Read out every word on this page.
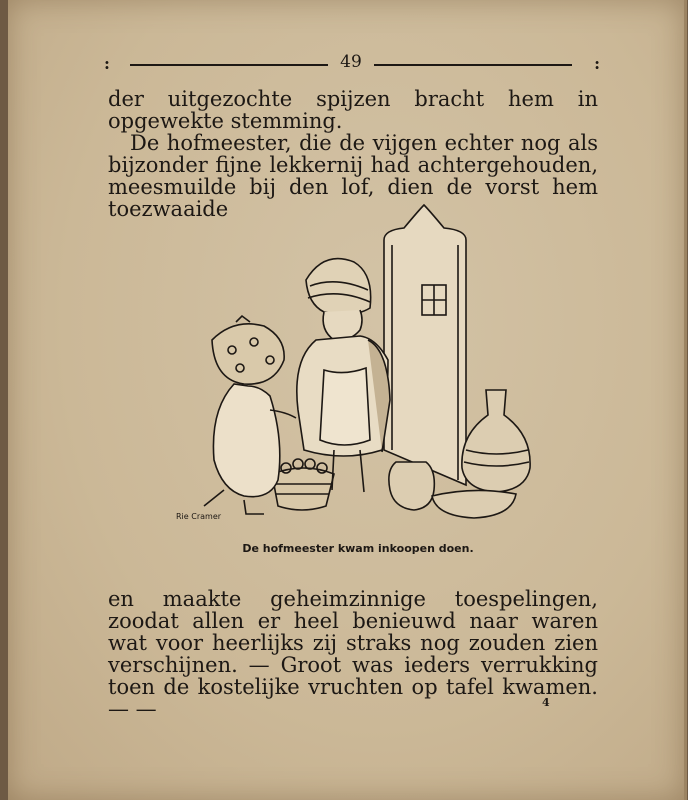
:	49	:

der uitgezochte spijzen bracht hem in opgewekte stemming.

De hofmeester, die de vijgen echter nog als bijzonder fijne lekkernij had achtergehouden, meesmuilde bij den lof, dien de vorst hem toezwaaide

Rie Cramer
De hofmeester kwam inkoopen doen.

en maakte geheimzinnige toespelingen, zoodat allen er heel benieuwd naar waren wat voor heerlijks zij straks nog zouden zien verschijnen. — Groot was ieders verrukking toen de kostelijke vruchten op tafel kwamen. — —	4
